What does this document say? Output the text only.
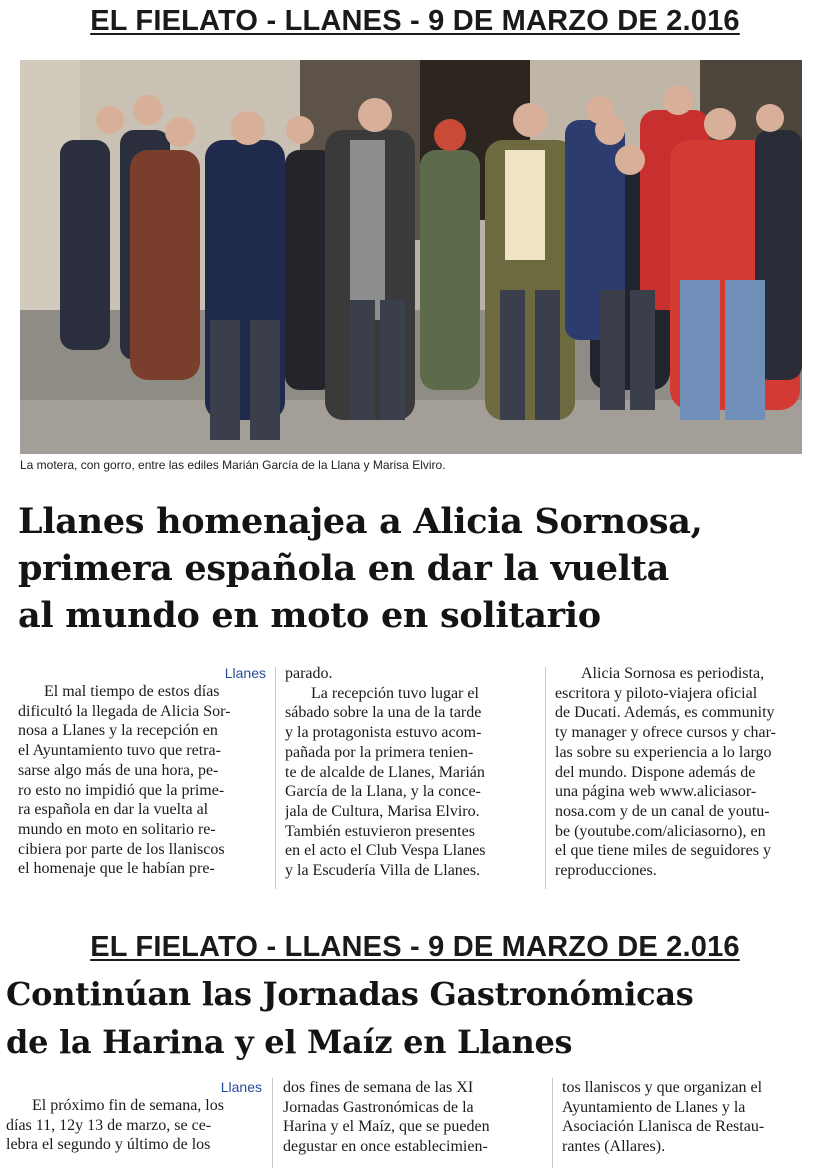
EL FIELATO - LLANES - 9 DE MARZO DE 2.016
La motera, con gorro, entre las ediles Marián García de la Llana y Marisa Elviro.
Llanes homenajea a Alicia Sornosa,
primera española en dar la vuelta
al mundo en moto en solitario
Llanes
El mal tiempo de estos días
dificultó la llegada de Alicia Sor-
nosa a Llanes y la recepción en
el Ayuntamiento tuvo que retra-
sarse algo más de una hora, pe-
ro esto no impidió que la prime-
ra española en dar la vuelta al
mundo en moto en solitario re-
cibiera por parte de los llaniscos
el homenaje que le habían pre-
parado.
La recepción tuvo lugar el
sábado sobre la una de la tarde
y la protagonista estuvo acom-
pañada por la primera tenien-
te de alcalde de Llanes, Marián
García de la Llana, y la conce-
jala de Cultura, Marisa Elviro.
También estuvieron presentes
en el acto el Club Vespa Llanes
y la Escudería Villa de Llanes.
Alicia Sornosa es periodista,
escritora y piloto-viajera oficial
de Ducati. Además, es community
ty manager y ofrece cursos y char-
las sobre su experiencia a lo largo
del mundo. Dispone además de
una página web www.aliciasor-
nosa.com y de un canal de youtu-
be (youtube.com/aliciasorno), en
el que tiene miles de seguidores y
reproducciones.
EL FIELATO - LLANES - 9 DE MARZO DE 2.016
Continúan las Jornadas Gastronómicas
de la Harina y el Maíz en Llanes
Llanes
El próximo fin de semana, los
días 11, 12y 13 de marzo, se ce-
lebra el segundo y último de los
dos fines de semana de las XI
Jornadas Gastronómicas de la
Harina y el Maíz, que se pueden
degustar en once establecimien-
tos llaniscos y que organizan el
Ayuntamiento de Llanes y la
Asociación Llanisca de Restau-
rantes (Allares).
